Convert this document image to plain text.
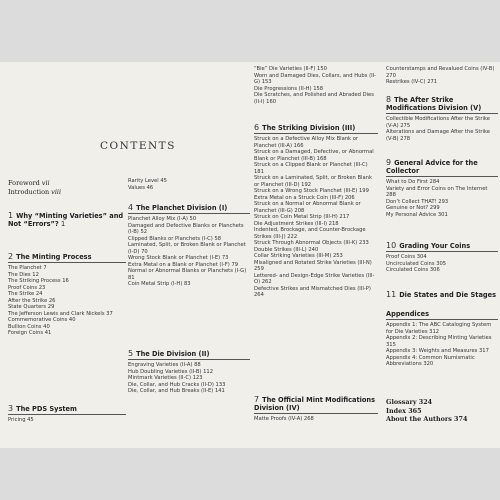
CONTENTS
Foreword vii
Introduction viii
1 Why “Minting Varieties” and Not “Errors”? 1
2 The Minting Process
The Planchet 7
The Dies 12
The Striking Process 16
Proof Coins 23
The Strike 24
After the Strike 26
State Quarters 29
The Jefferson Lewis and Clark Nickels 37
Commemorative Coins 40
Bullion Coins 40
Foreign Coins 41
3 The PDS System
Pricing 45
Rarity Level 45
Values 46
4 The Planchet Division (I)
Planchet Alloy Mix (I-A) 50
Damaged and Defective Blanks or Planchets (I-B) 52
Clipped Blanks or Planchets (I-C) 58
Laminated, Split, or Broken Blank or Planchet (I-D) 70
Wrong Stock Blank or Planchet (I-E) 73
Extra Metal on a Blank or Planchet (I-F) 79
Normal or Abnormal Blanks or Planchets (I-G) 81
Coin Metal Strip (I-H) 83
5 The Die Division (II)
Engraving Varieties (II-A) 88
Hub Doubling Varieties (II-B) 112
Mintmark Varieties (II-C) 123
Die, Collar, and Hub Cracks (II-D) 133
Die, Collar, and Hub Breaks (II-E) 141
“Bie” Die Varieties (II-F) 150
Worn and Damaged Dies, Collars, and Hubs (II-G) 153
Die Progressions (II-H) 158
Die Scratches, and Polished and Abraded Dies (II-I) 160
6 The Striking Division (III)
Struck on a Defective Alloy Mix Blank or Planchet (III-A) 166
Struck on a Damaged, Defective, or Abnormal Blank or Planchet (III-B) 168
Struck on a Clipped Blank or Planchet (III-C) 181
Struck on a Laminated, Split, or Broken Blank or Planchet (III-D) 192
Struck on a Wrong Stock Planchet (III-E) 199
Extra Metal on a Struck Coin (III-F) 206
Struck on a Normal or Abnormal Blank or Planchet (III-G) 208
Struck on Coin Metal Strip (III-H) 217
Die Adjustment Strikes (III-I) 218
Indented, Brockage, and Counter-Brockage Strikes (III-J) 222
Struck Through Abnormal Objects (III-K) 233
Double Strikes (III-L) 240
Collar Striking Varieties (III-M) 253
Misaligned and Rotated Strike Varieties (III-N) 259
Lettered- and Design-Edge Strike Varieties (III-O) 262
Defective Strikes and Mismatched Dies (III-P) 264
7 The Official Mint Modifications Division (IV)
Matte Proofs (IV-A) 268
Counterstamps and Revalued Coins (IV-B) 270
Restrikes (IV-C) 271
8 The After Strike Modifications Division (V)
Collectible Modifications After the Strike (V-A) 275
Alterations and Damage After the Strike (V-B) 278
9 General Advice for the Collector
What to Do First 284
Variety and Error Coins on The Internet 288
Don’t Collect THAT! 293
Genuine or Not? 299
My Personal Advice 301
10 Grading Your Coins
Proof Coins 304
Uncirculated Coins 305
Circulated Coins 306
11 Die States and Die Stages
Appendices
Appendix 1: The ABC Cataloging System for Die Varieties 312
Appendix 2: Describing Minting Varieties 315
Appendix 3: Weights and Measures 317
Appendix 4: Common Numismatic Abbreviations 320
Glossary 324
Index 365
About the Authors 374
